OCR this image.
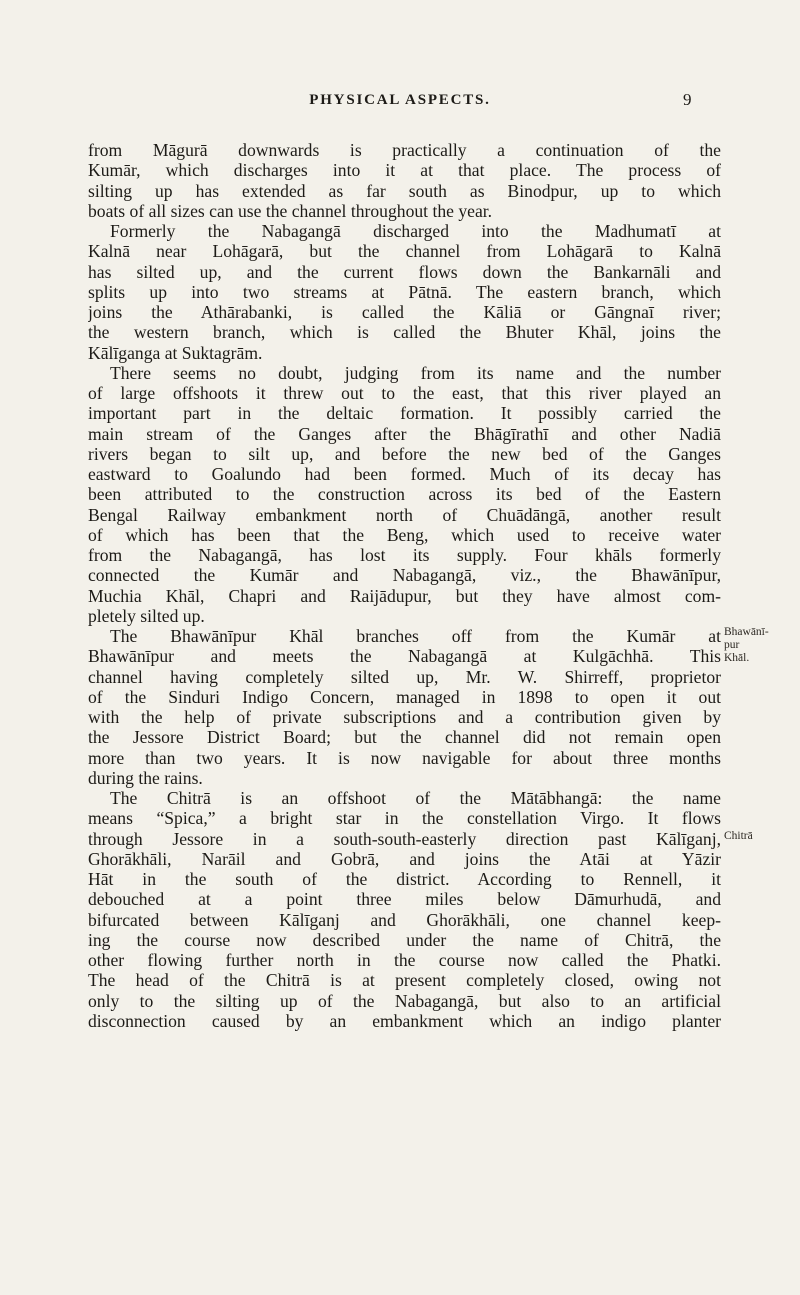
PHYSICAL ASPECTS.	9
from Māgurā downwards is practically a continuation of the
Kumār, which discharges into it at that place. The process of
silting up has extended as far south as Binodpur, up to which
boats of all sizes can use the channel throughout the year.
Formerly the Nabagangā discharged into the Madhumatī at
Kalnā near Lohāgarā, but the channel from Lohāgarā to Kalnā
has silted up, and the current flows down the Bankarnāli and
splits up into two streams at Pātnā. The eastern branch, which
joins the Athārabanki, is called the Kāliā or Gāngnaī river;
the western branch, which is called the Bhuter Khāl, joins the
Kālīganga at Suktagrām.
There seems no doubt, judging from its name and the number
of large offshoots it threw out to the east, that this river played an
important part in the deltaic formation. It possibly carried the
main stream of the Ganges after the Bhāgīrathī and other Nadiā
rivers began to silt up, and before the new bed of the Ganges
eastward to Goalundo had been formed. Much of its decay has
been attributed to the construction across its bed of the Eastern
Bengal Railway embankment north of Chuādāngā, another result
of which has been that the Beng, which used to receive water
from the Nabagangā, has lost its supply. Four khāls formerly
connected the Kumār and Nabagangā, viz., the Bhawānīpur,
Muchia Khāl, Chapri and Raijādupur, but they have almost com-
pletely silted up.
The Bhawānīpur Khāl branches off from the Kumār at
Bhawānīpur and meets the Nabagangā at Kulgāchhā. This
channel having completely silted up, Mr. W. Shirreff, proprietor
of the Sinduri Indigo Concern, managed in 1898 to open it out
with the help of private subscriptions and a contribution given by
the Jessore District Board; but the channel did not remain open
more than two years. It is now navigable for about three months
during the rains.
The Chitrā is an offshoot of the Mātābhangā: the name
means “Spica,” a bright star in the constellation Virgo. It flows
through Jessore in a south-south-easterly direction past Kālīganj,
Ghorākhāli, Narāil and Gobrā, and joins the Atāi at Yāzir
Hāt in the south of the district. According to Rennell, it
debouched at a point three miles below Dāmurhudā, and
bifurcated between Kālīganj and Ghorākhāli, one channel keep-
ing the course now described under the name of Chitrā, the
other flowing further north in the course now called the Phatki.
The head of the Chitrā is at present completely closed, owing not
only to the silting up of the Nabagangā, but also to an artificial
disconnection caused by an embankment which an indigo planter
Bhawānī-
pur
Khāl.
Chitrā
